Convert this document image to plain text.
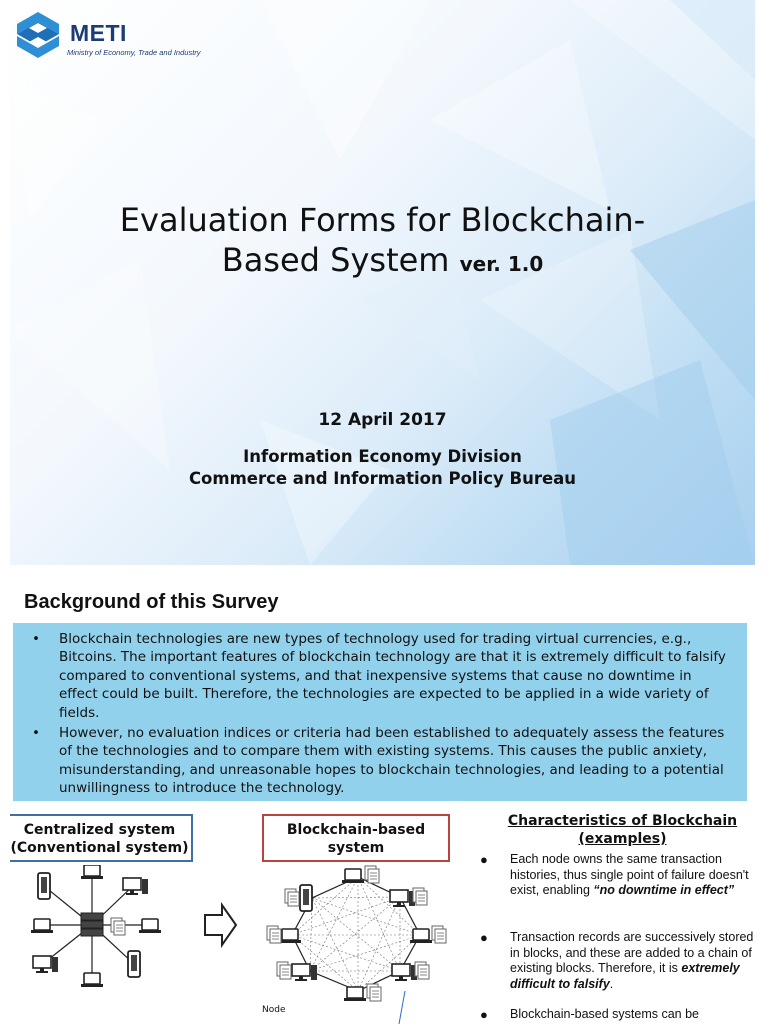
METI
Ministry of Economy, Trade and Industry
Evaluation Forms for Blockchain-
Based System ver. 1.0
12 April 2017
Information Economy Division
Commerce and Information Policy Bureau
Background of this Survey
• Blockchain technologies are new types of technology used for trading virtual currencies, e.g., Bitcoins. The important features of blockchain technology are that it is extremely difficult to falsify compared to conventional systems, and that inexpensive systems that cause no downtime in effect could be built. Therefore, the technologies are expected to be applied in a wide variety of fields.
• However, no evaluation indices or criteria had been established to adequately assess the features of the technologies and to compare them with existing systems. This causes the public anxiety, misunderstanding, and unreasonable hopes to blockchain technologies, and leading to a potential unwillingness to introduce the technology.
Centralized system
(Conventional system)
Blockchain-based
system
Node
Characteristics of Blockchain
(examples)
● Each node owns the same transaction histories, thus single point of failure doesn't exist, enabling “no downtime in effect”
● Transaction records are successively stored in blocks, and these are added to a chain of existing blocks. Therefore, it is extremely difficult to falsify.
● Blockchain-based systems can be
